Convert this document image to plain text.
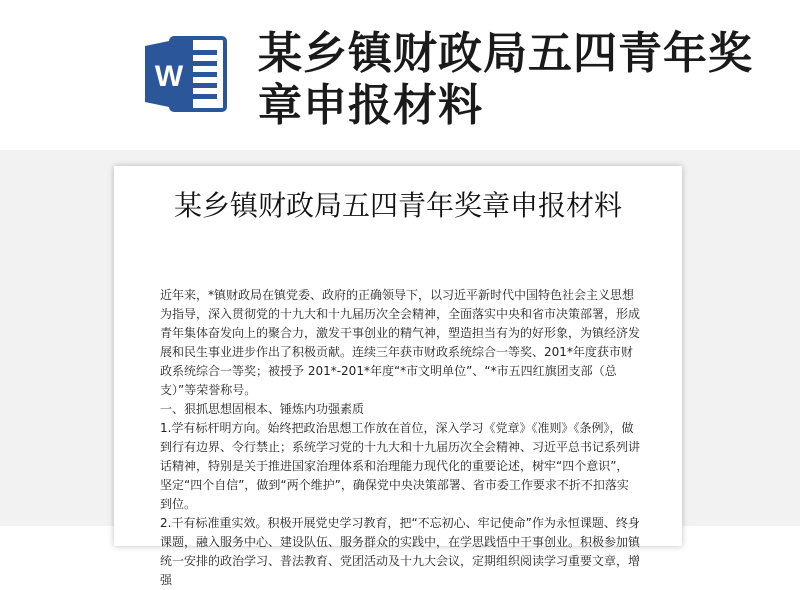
W 某乡镇财政局五四青年奖章申报材料
某乡镇财政局五四青年奖章申报材料

近年来，*镇财政局在镇党委、政府的正确领导下，以习近平新时代中国特色社会主义思想为指导，深入贯彻党的十九大和十九届历次全会精神，全面落实中央和省市决策部署，形成青年集体奋发向上的聚合力，激发干事创业的精气神，塑造担当有为的好形象，为镇经济发展和民生事业进步作出了积极贡献。连续三年获市财政系统综合一等奖、201*年度获市财政系统综合一等奖；被授予 201*-201*年度“*市文明单位”、“*市五四红旗团支部（总支）”等荣誉称号。

一、狠抓思想固根本、锤炼内功强素质

1.学有标杆明方向。始终把政治思想工作放在首位，深入学习《党章》《准则》《条例》，做到行有边界、令行禁止；系统学习党的十九大和十九届历次全会精神、习近平总书记系列讲话精神，特别是关于推进国家治理体系和治理能力现代化的重要论述，树牢“四个意识”，坚定“四个自信”，做到“两个维护”，确保党中央决策部署、省市委工作要求不折不扣落实到位。

2.干有标准重实效。积极开展党史学习教育，把“不忘初心、牢记使命”作为永恒课题、终身课题，融入服务中心、建设队伍、服务群众的实践中，在学思践悟中干事创业。积极参加镇统一安排的政治学习、普法教育、党团活动及十九大会议，定期组织阅读学习重要文章，增强
